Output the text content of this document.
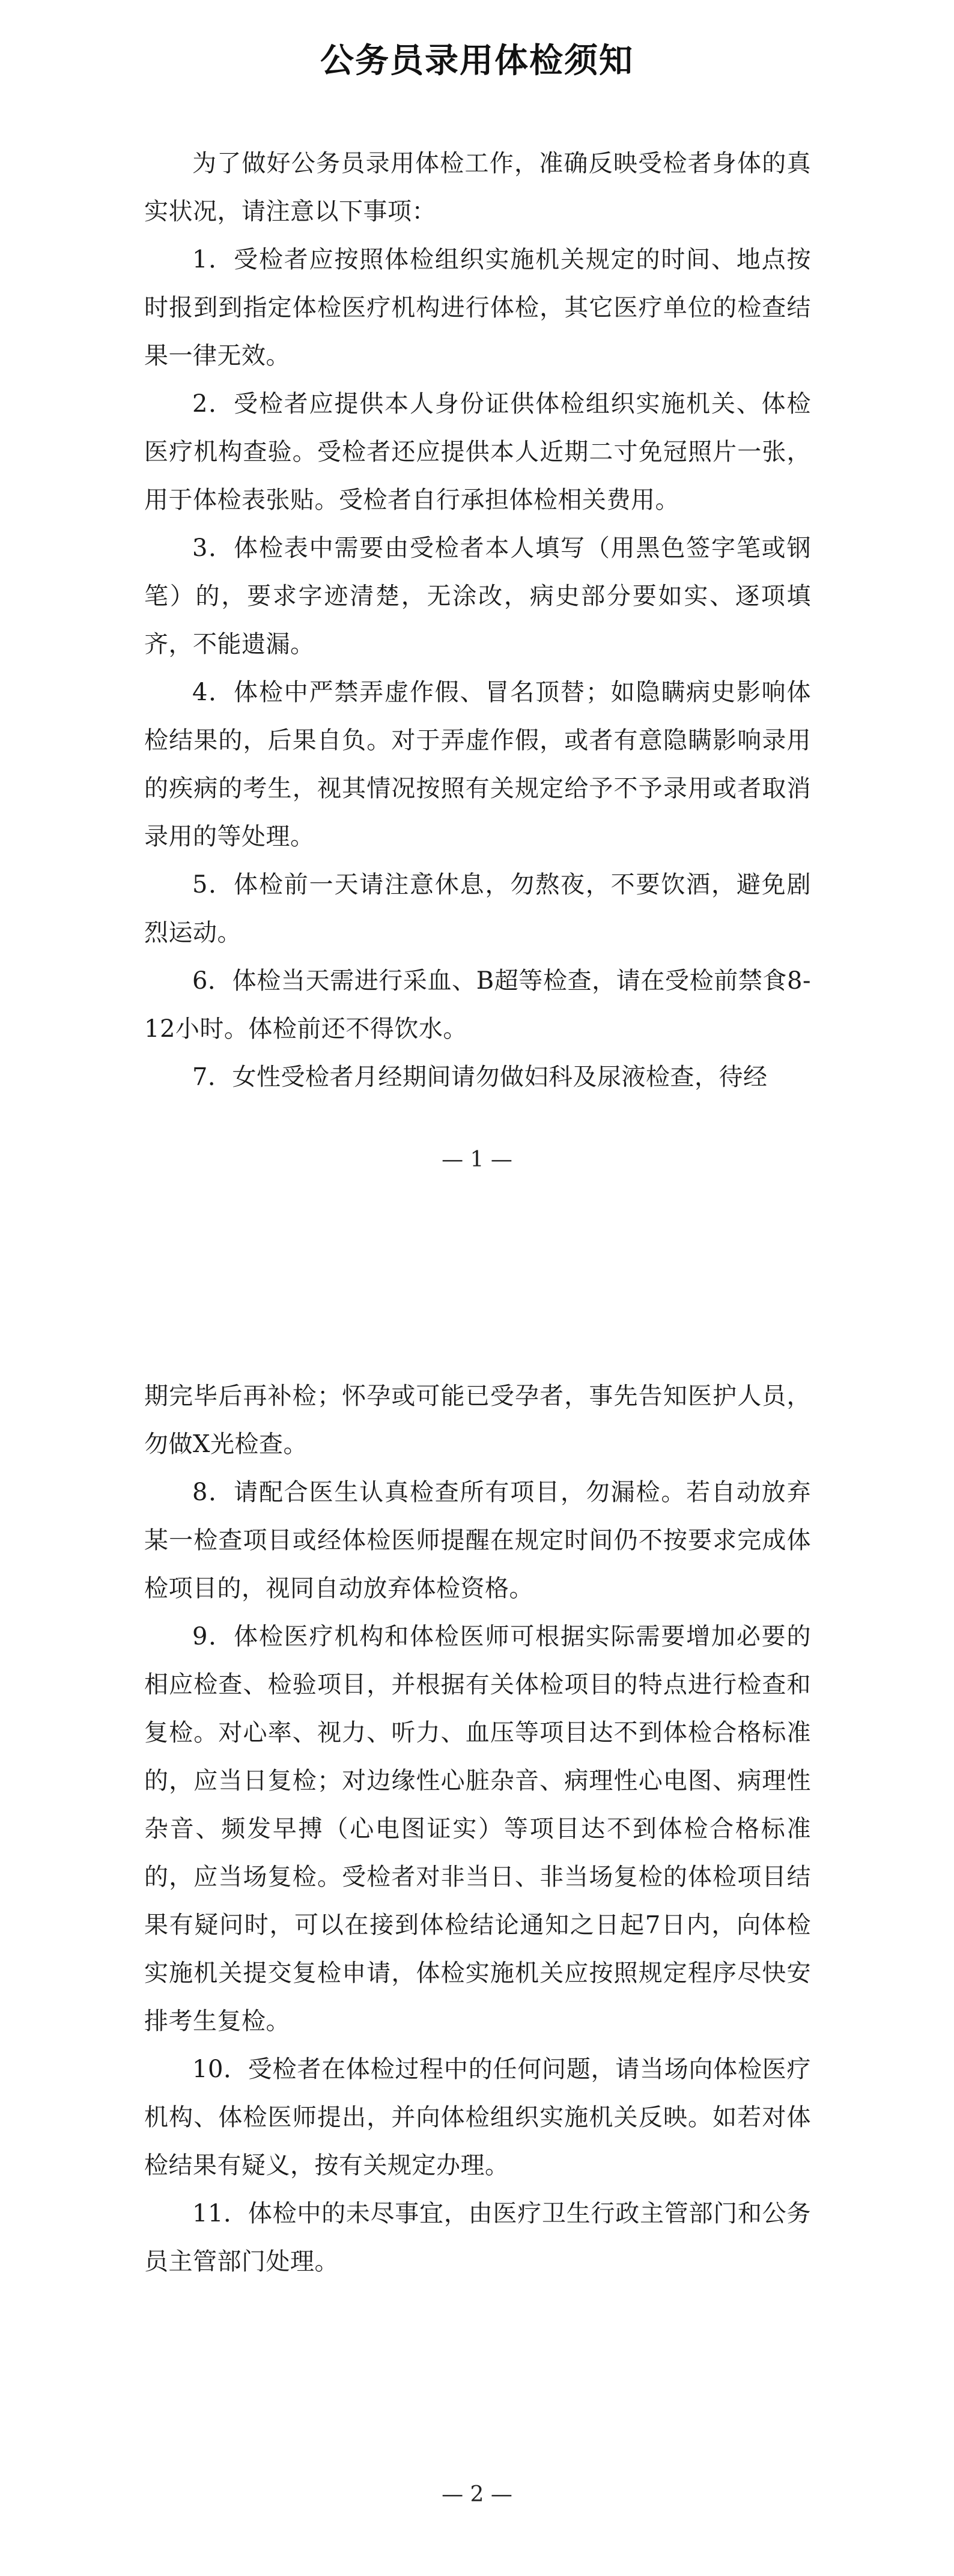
公务员录用体检须知

为了做好公务员录用体检工作，准确反映受检者身体的真实状况，请注意以下事项：

1．受检者应按照体检组织实施机关规定的时间、地点按时报到到指定体检医疗机构进行体检，其它医疗单位的检查结果一律无效。

2．受检者应提供本人身份证供体检组织实施机关、体检医疗机构查验。受检者还应提供本人近期二寸免冠照片一张，用于体检表张贴。受检者自行承担体检相关费用。

3．体检表中需要由受检者本人填写（用黑色签字笔或钢笔）的，要求字迹清楚，无涂改，病史部分要如实、逐项填齐，不能遗漏。

4．体检中严禁弄虚作假、冒名顶替；如隐瞒病史影响体检结果的，后果自负。对于弄虚作假，或者有意隐瞒影响录用的疾病的考生，视其情况按照有关规定给予不予录用或者取消录用的等处理。

5．体检前一天请注意休息，勿熬夜，不要饮酒，避免剧烈运动。

6．体检当天需进行采血、B超等检查，请在受检前禁食8-12小时。体检前还不得饮水。

7．女性受检者月经期间请勿做妇科及尿液检查，待经

— 1 —

期完毕后再补检；怀孕或可能已受孕者，事先告知医护人员，勿做X光检查。

8．请配合医生认真检查所有项目，勿漏检。若自动放弃某一检查项目或经体检医师提醒在规定时间仍不按要求完成体检项目的，视同自动放弃体检资格。

9．体检医疗机构和体检医师可根据实际需要增加必要的相应检查、检验项目，并根据有关体检项目的特点进行检查和复检。对心率、视力、听力、血压等项目达不到体检合格标准的，应当日复检；对边缘性心脏杂音、病理性心电图、病理性杂音、频发早搏（心电图证实）等项目达不到体检合格标准的，应当场复检。受检者对非当日、非当场复检的体检项目结果有疑问时，可以在接到体检结论通知之日起7日内，向体检实施机关提交复检申请，体检实施机关应按照规定程序尽快安排考生复检。

10．受检者在体检过程中的任何问题，请当场向体检医疗机构、体检医师提出，并向体检组织实施机关反映。如若对体检结果有疑义，按有关规定办理。

11．体检中的未尽事宜，由医疗卫生行政主管部门和公务员主管部门处理。

— 2 —
